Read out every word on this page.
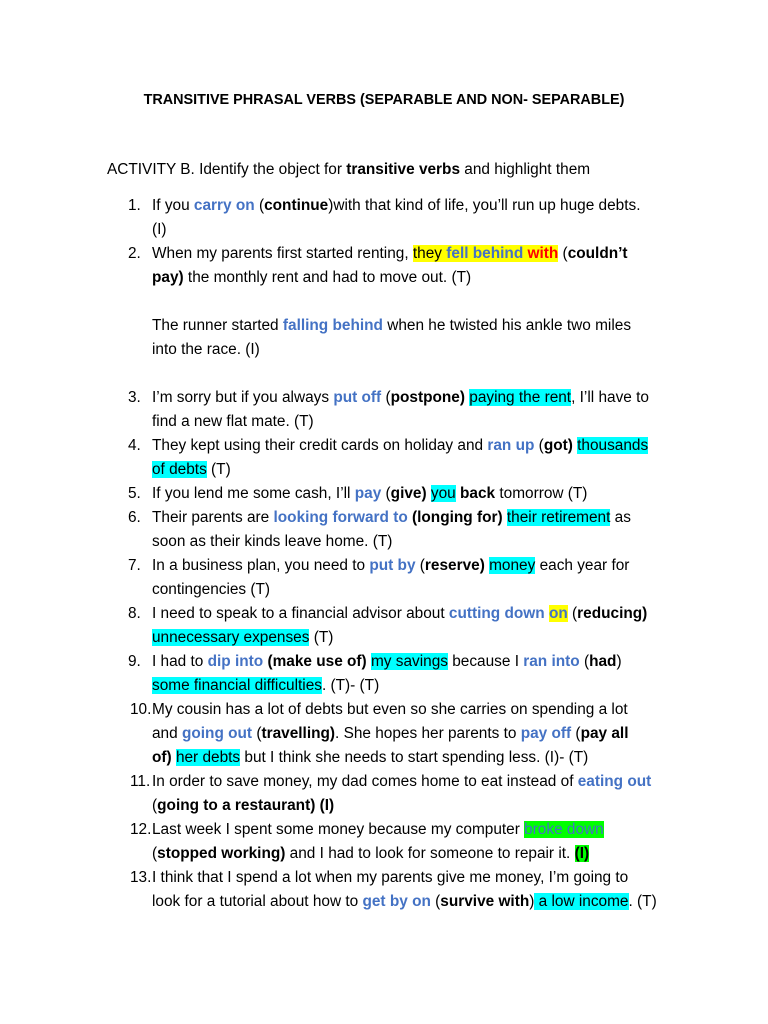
TRANSITIVE PHRASAL VERBS (SEPARABLE AND NON- SEPARABLE)
ACTIVITY B. Identify the object for transitive verbs and highlight them
1. If you carry on (continue)with that kind of life, you’ll run up huge debts. (I)
2. When my parents first started renting, they fell behind with (couldn’t pay) the monthly rent and had to move out. (T)
The runner started falling behind when he twisted his ankle two miles into the race. (I)
3. I’m sorry but if you always put off (postpone) paying the rent, I’ll have to find a new flat mate. (T)
4. They kept using their credit cards on holiday and ran up (got) thousands of debts (T)
5. If you lend me some cash, I’ll pay (give) you back tomorrow (T)
6. Their parents are looking forward to (longing for) their retirement as soon as their kinds leave home. (T)
7. In a business plan, you need to put by (reserve) money each year for contingencies (T)
8. I need to speak to a financial advisor about cutting down on (reducing) unnecessary expenses (T)
9. I had to dip into (make use of) my savings because I ran into (had) some financial difficulties. (T)- (T)
10. My cousin has a lot of debts but even so she carries on spending a lot and going out (travelling). She hopes her parents to pay off (pay all of) her debts but I think she needs to start spending less. (I)- (T)
11. In order to save money, my dad comes home to eat instead of eating out (going to a restaurant) (I)
12. Last week I spent some money because my computer broke down (stopped working) and I had to look for someone to repair it. (I)
13. I think that I spend a lot when my parents give me money, I’m going to look for a tutorial about how to get by on (survive with) a low income. (T)
